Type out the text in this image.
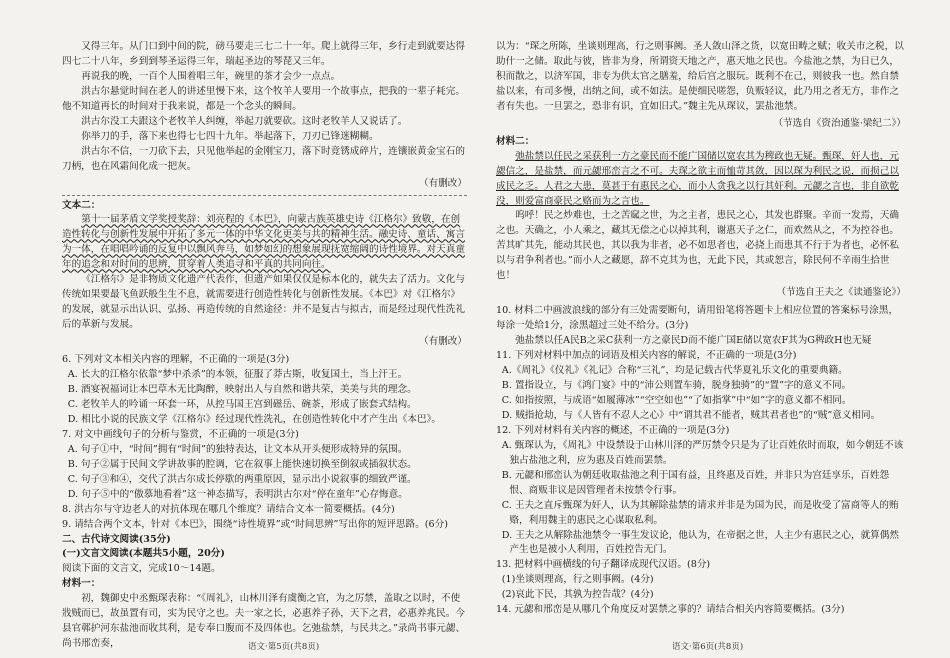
又得三年。从门口到中间的院，磅马要走三七二十一年。爬上就得三年，乡行走到就要达得四七二十八年，乡到到琴圣运得三年，瑞起圣边的琴琵又三年。

再说我的晚，一百个人围着唱三年，碗里的茶才会少一点点。

洪古尔悬觉时间在老人的讲述里慢下来，这个牧羊人要用一个故事点，把我的一辈子耗完。他不知道再长的时间对于我来说，都是一个念头的瞬间。

洪古尔没工夫跟这个老牧羊人纠缠，举起刀就要砍。这时老牧羊人又说话了。

你举刀的手，落下来也得七七四十九年。举起落下，刀刃已锋迷糊糊。

洪古尔不信，一刀砍下去，只见他举起的金刚宝刀，落下时竟锈成碎片，连镶嵌黄金宝石的刀柄，也在风霜间化成一把灰。

（有删改）

文本二：

第十一届茅盾文学奖授奖辞：刘亮程的《本巴》，向蒙古族英雄史诗《江格尔》致敬，在创造性转化与创新性发展中开拓了多元一体的中华文化更美与共的精神生活。融史诗、童话、寓言为一体，在唱唱吟诵的反复中以飘风奔马，如梦如幻的想象展现抚宽缩阔的诗性境界。对天真童年的追念和对时间的思辨，贯穿着人类追寻和平真的共同向往。

《江格尔》是非物质文化遗产代表作，但遗产如果仅仅是标本化的，就失去了活力。文化与传统如果要最飞鱼跃般生生不息，就需要进行创造性转化与创新性发展。《本巴》对《江格尔》的发展，就显示出认识、弘扬、再造传统的自然途径：并不是复古与拟古，而是经过现代性洗礼后的革新与发展。

（有删改）

6. 下列对文本相关内容的理解，不正确的一项是(3分)

A. 长大的江格尔依靠“梦中杀杀”的本领，征服了莽古斯，收复国土，当上汗王。

B. 酒宴祝福词让本巴草木无比陶醉，映射出人与自然和谐共荣，美美与共的理念。

C. 老牧羊人的吟诵一环套一环，从控马国王宫到磁岳、碗茶，形成了嵌套式结构。

D. 相比小说的民族文学《江格尔》经过现代性洗礼，在创造性转化中才产生出《本巴》。

7. 对文中画线句子的分析与鉴赏，不正确的一项是(3分)

A. 句子①中，“时间”拥有“时间”的独特表达，让文本从开头便形成特异的氛围。

B. 句子②属于民间文学讲故事的腔调，它在叙事上能快速切换至倒叙或插叙状态。

C. 句子③和④，交代了洪古尔成长停歇的两重原因，显示出小说叙事的细致严谨。

D. 句子⑤中的“傲慕地看着”这一神态描写，表明洪古尔对“停在童年”心存悔意。

8. 洪古尔与守边老人的对抗体现在哪几个维度？请结合文本一简要概括。(4分)

9. 请结合两个文本，针对《本巴》，围绕“诗性境界”或“时间思辨”写出你的短评思路。(6分)

二、古代诗文阅读(35分)

(一)文言文阅读(本题共5小题，20分)

阅读下面的文言文，完成10～14题。

材料一：

初，魏御史中丞甄琛表称：“《周礼》，山林川泽有虞衡之官，为之厉禁，盖取之以时，不使戕贼而已，故虽置有司，实为民守之也。夫一家之长，必惠养子孙，天下之君，必惠养兆民。今县官鄣护河东盐池而收其利，是专奉口腹而不及四体也。乞弛盐禁，与民共之。”录尚书事元勰、尚书邢峦奏，

以为：“琛之所陈，坐谈则理高，行之则事阙。圣人敛山泽之货，以宽田畴之赋；收关市之税，以助什一之储。取此与彼，皆非为身，所谓资天地之产，惠天地之民也。今盐池之禁，为日已久，积而散之，以济军国，非专为供太官之膳羞，给后宫之服玩。既利不在己，则彼我一也。然自禁盐以来，有司多慢，出纳之间，或不如法。是使细民嗟怨，负贩轻议，此乃用之者无方，非作之者有失也。一旦罢之，恐非有识，宜如旧式。”魏主先从琛议，罢盐池禁。

（节选自《资治通鉴·梁纪二》）

材料二：

弛盐禁以任民之采获利一方之豪民而不能广国储以宽农其为稗政也无疑。甄琛，奸人也，元勰信之，是盐禁，而元勰邢峦言之不可。夫琛之欲主而恤苛其敛，因以琛为利民之说，而损己以成民之乏。人君之大患，莫甚于有惠民之心，而小人贪我之以行其奸利。元勰之言也，非自欲乾没，则爱富商豪民之赂而为之言也。

呜呼！民之炒难也，士之苦窳之世，为之主者，患民之心，其发也群聚。辛而一发焉，天确之也。天确之，小人乘之，藏其无偿之心以掉其利，谢惠天子之仁，而欢然从之，不为控谷也。苦其旷其先，能动其民也，其以我为非者，必不如思者也，必挠上而患其不行于为者也，必怀私以与君争利者也。”而小人之藏愿，辞不克其为也，无此下民，其或恕言，除民何不辛雨生拾世也！

（节选自王夫之《读通鉴论》）

10. 材料二中画波浪线的部分有三处需要断句，请用铅笔将答题卡上相应位置的答案标号涂黑，每涂一处给1分，涂黑超过三处不给分。(3分)

弛盐禁以任A民B之采C获利一方之豪民D而不能广国E储以宽农F其为G稗政H也无疑

11. 下列对材料中加点的词语及相关内容的解说，不正确的一项是(3分)

A.《周礼》《仪礼》《礼记》合称“三礼”，均是记载古代华夏礼乐文化的重要典籍。

B. 置指设立，与《鸿门宴》中的“沛公则置车骑，脱身独骑”的“置”字的意义不同。

C. 如指按照，与成语“如履薄冰”“空空如也”“了如指掌”中“如”字的意义都不相同。

D. 贼指抢劫，与《人皆有不忍人之心》中“谓其君不能者，贼其君者也”的“贼”意义相同。

12. 下列对材料有关内容的概述，不正确的一项是(3分)

A. 甄琛认为，《周礼》中设禁设于山林川泽的严厉禁令只是为了让百姓依时而取，如今朝廷不该独占盐池之利，应为惠及百姓而罢禁。

B. 元勰和邢峦认为朝廷收取盐池之利于国有益，且终惠及百姓，并非只为宫廷享乐，百姓怨恨、商贩非议是因管理者未按禁令行事。

C. 王夫之直斥甄琛为奸人，认为其解除盐禁的请求并非是为国为民，而是收受了富商等人的贿赂，利用魏主的惠民之心谋取私利。

D. 王夫之从解除盐池禁令一事生发议论，他认为，在帝据之世，人主少有惠民之心，就算偶然产生也是被小人利用，百姓控告无门。

13. 把材料中画横线的句子翻译成现代汉语。(8分)

(1)坐谈则理高，行之则事阙。(4分)

(2)哀此下民，其孰为控告哉？(4分)

14. 元勰和邢峦是从哪几个角度反对罢禁之事的？请结合相关内容简要概括。(3分)

语文·第5页(共8页)	语文·第6页(共8页)
